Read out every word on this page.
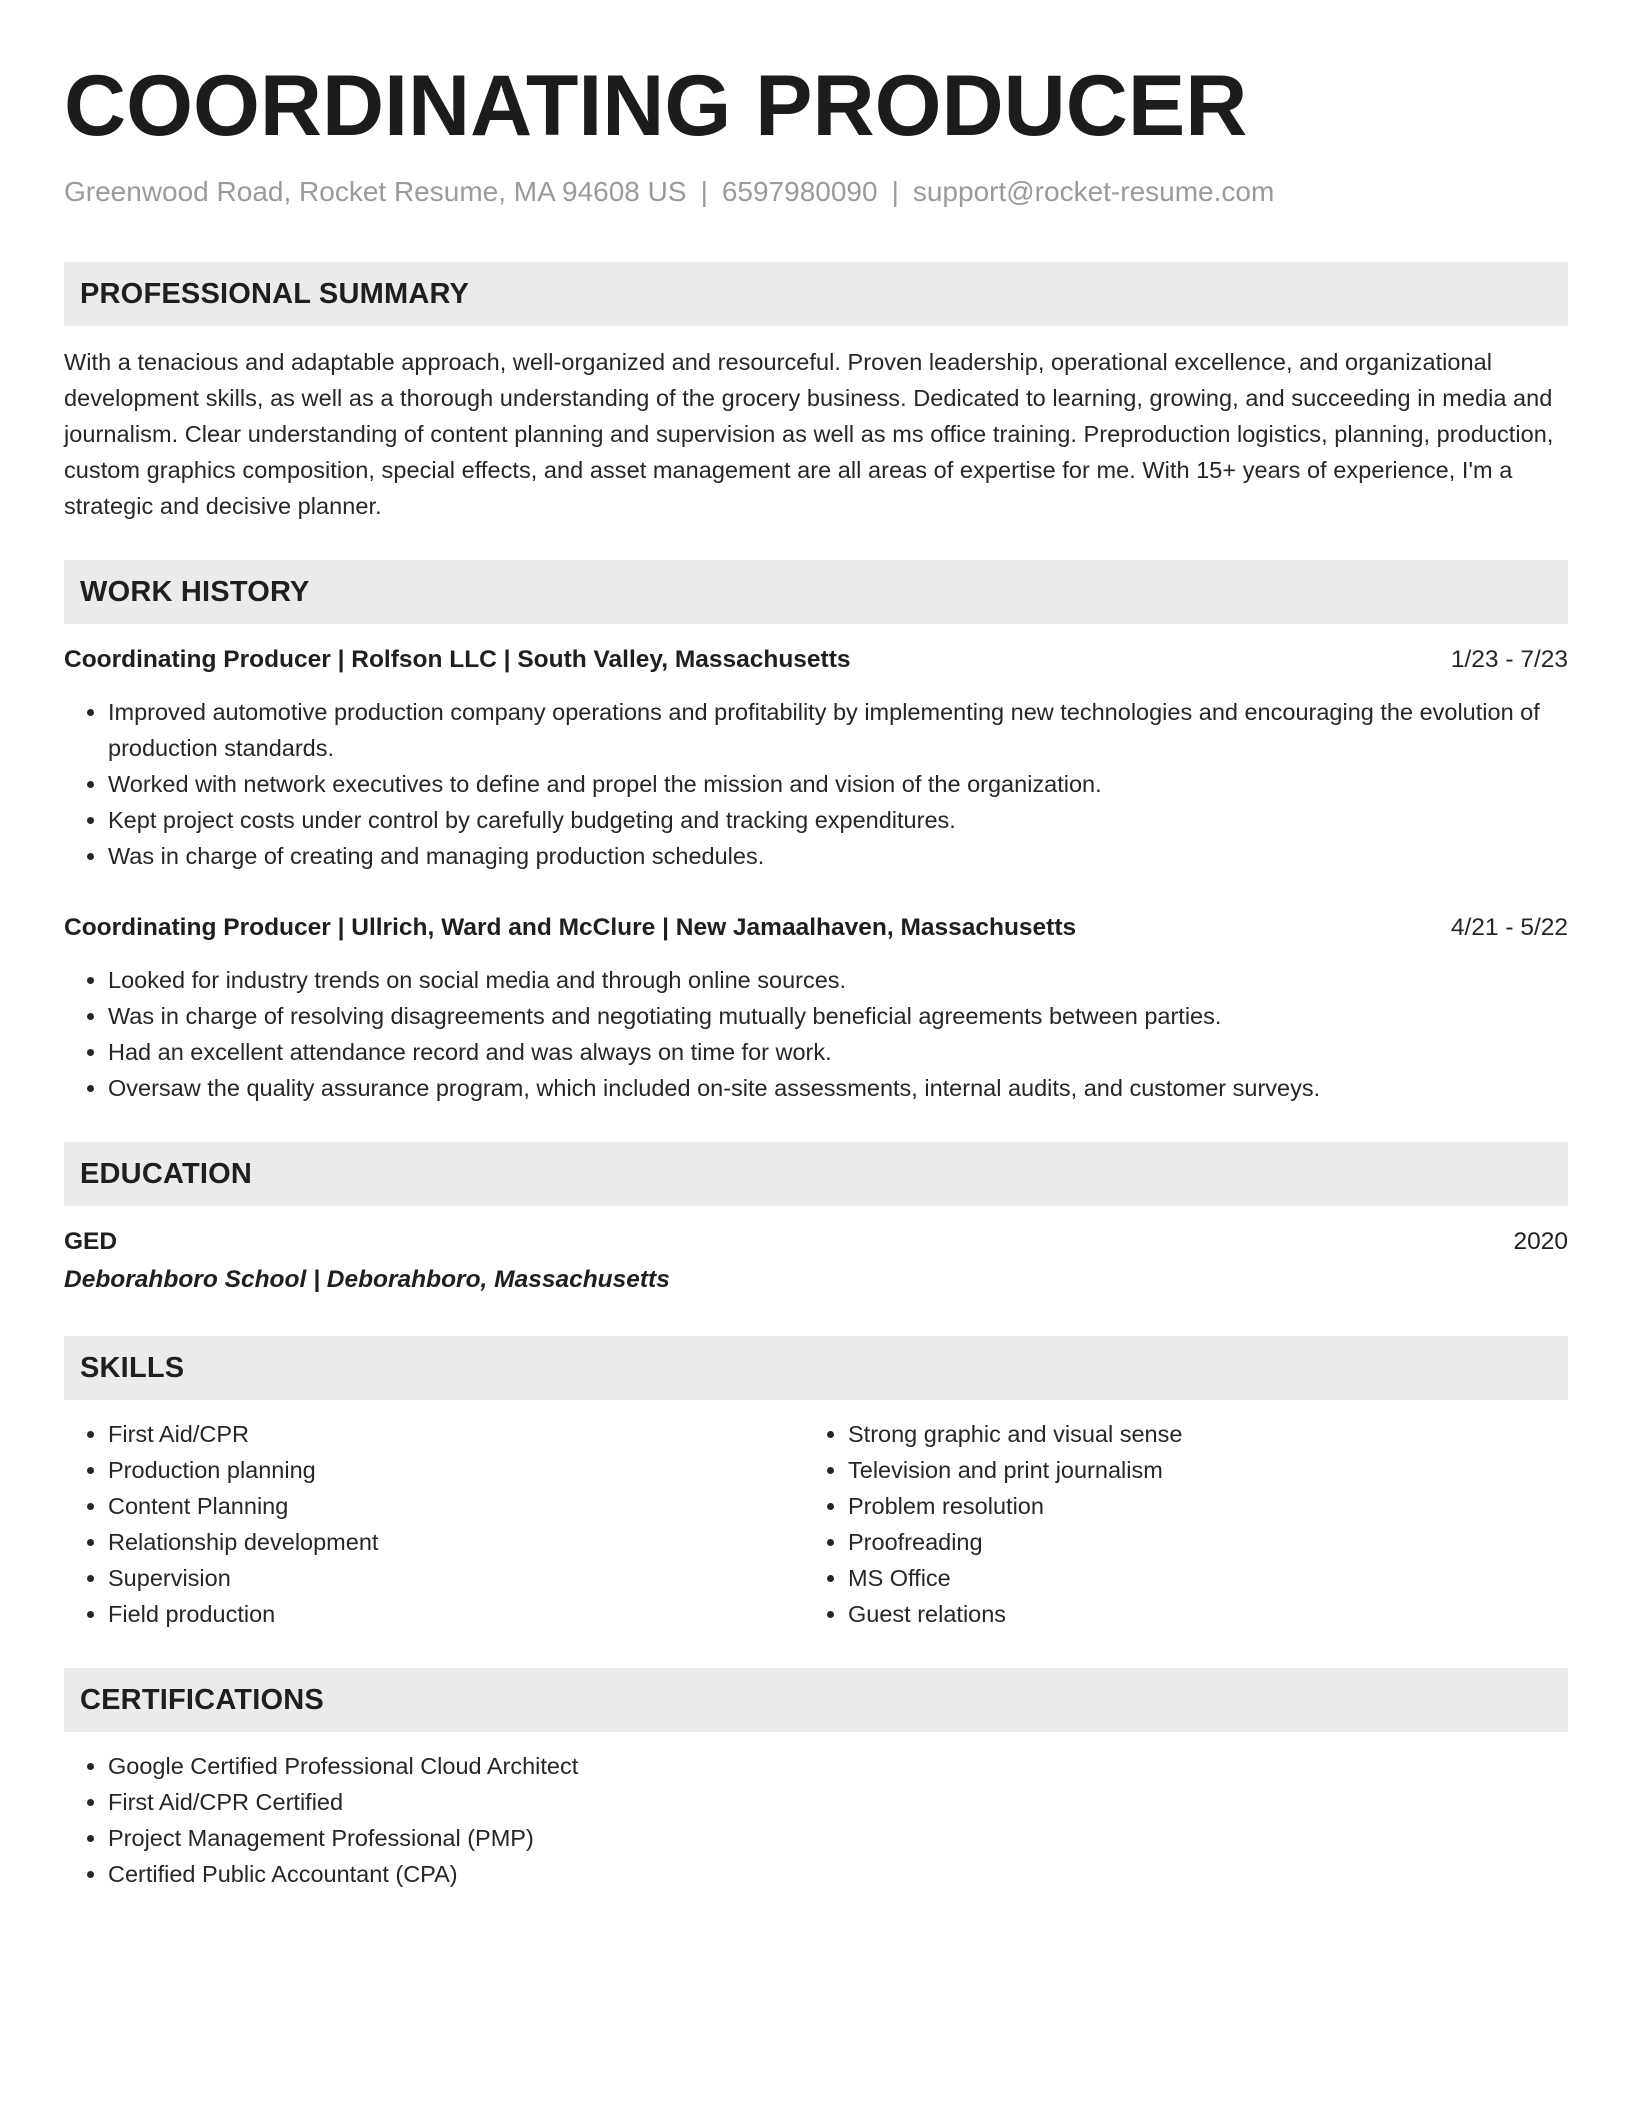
COORDINATING PRODUCER
Greenwood Road, Rocket Resume, MA 94608 US | 6597980090 | support@rocket-resume.com
PROFESSIONAL SUMMARY
With a tenacious and adaptable approach, well-organized and resourceful. Proven leadership, operational excellence, and organizational development skills, as well as a thorough understanding of the grocery business. Dedicated to learning, growing, and succeeding in media and journalism. Clear understanding of content planning and supervision as well as ms office training. Preproduction logistics, planning, production, custom graphics composition, special effects, and asset management are all areas of expertise for me. With 15+ years of experience, I'm a strategic and decisive planner.
WORK HISTORY
Coordinating Producer | Rolfson LLC | South Valley, Massachusetts	1/23 - 7/23
• Improved automotive production company operations and profitability by implementing new technologies and encouraging the evolution of production standards.
• Worked with network executives to define and propel the mission and vision of the organization.
• Kept project costs under control by carefully budgeting and tracking expenditures.
• Was in charge of creating and managing production schedules.
Coordinating Producer | Ullrich, Ward and McClure | New Jamaalhaven, Massachusetts	4/21 - 5/22
• Looked for industry trends on social media and through online sources.
• Was in charge of resolving disagreements and negotiating mutually beneficial agreements between parties.
• Had an excellent attendance record and was always on time for work.
• Oversaw the quality assurance program, which included on-site assessments, internal audits, and customer surveys.
EDUCATION
GED	2020
Deborahboro School | Deborahboro, Massachusetts
SKILLS
• First Aid/CPR
• Production planning
• Content Planning
• Relationship development
• Supervision
• Field production
• Strong graphic and visual sense
• Television and print journalism
• Problem resolution
• Proofreading
• MS Office
• Guest relations
CERTIFICATIONS
• Google Certified Professional Cloud Architect
• First Aid/CPR Certified
• Project Management Professional (PMP)
• Certified Public Accountant (CPA)
